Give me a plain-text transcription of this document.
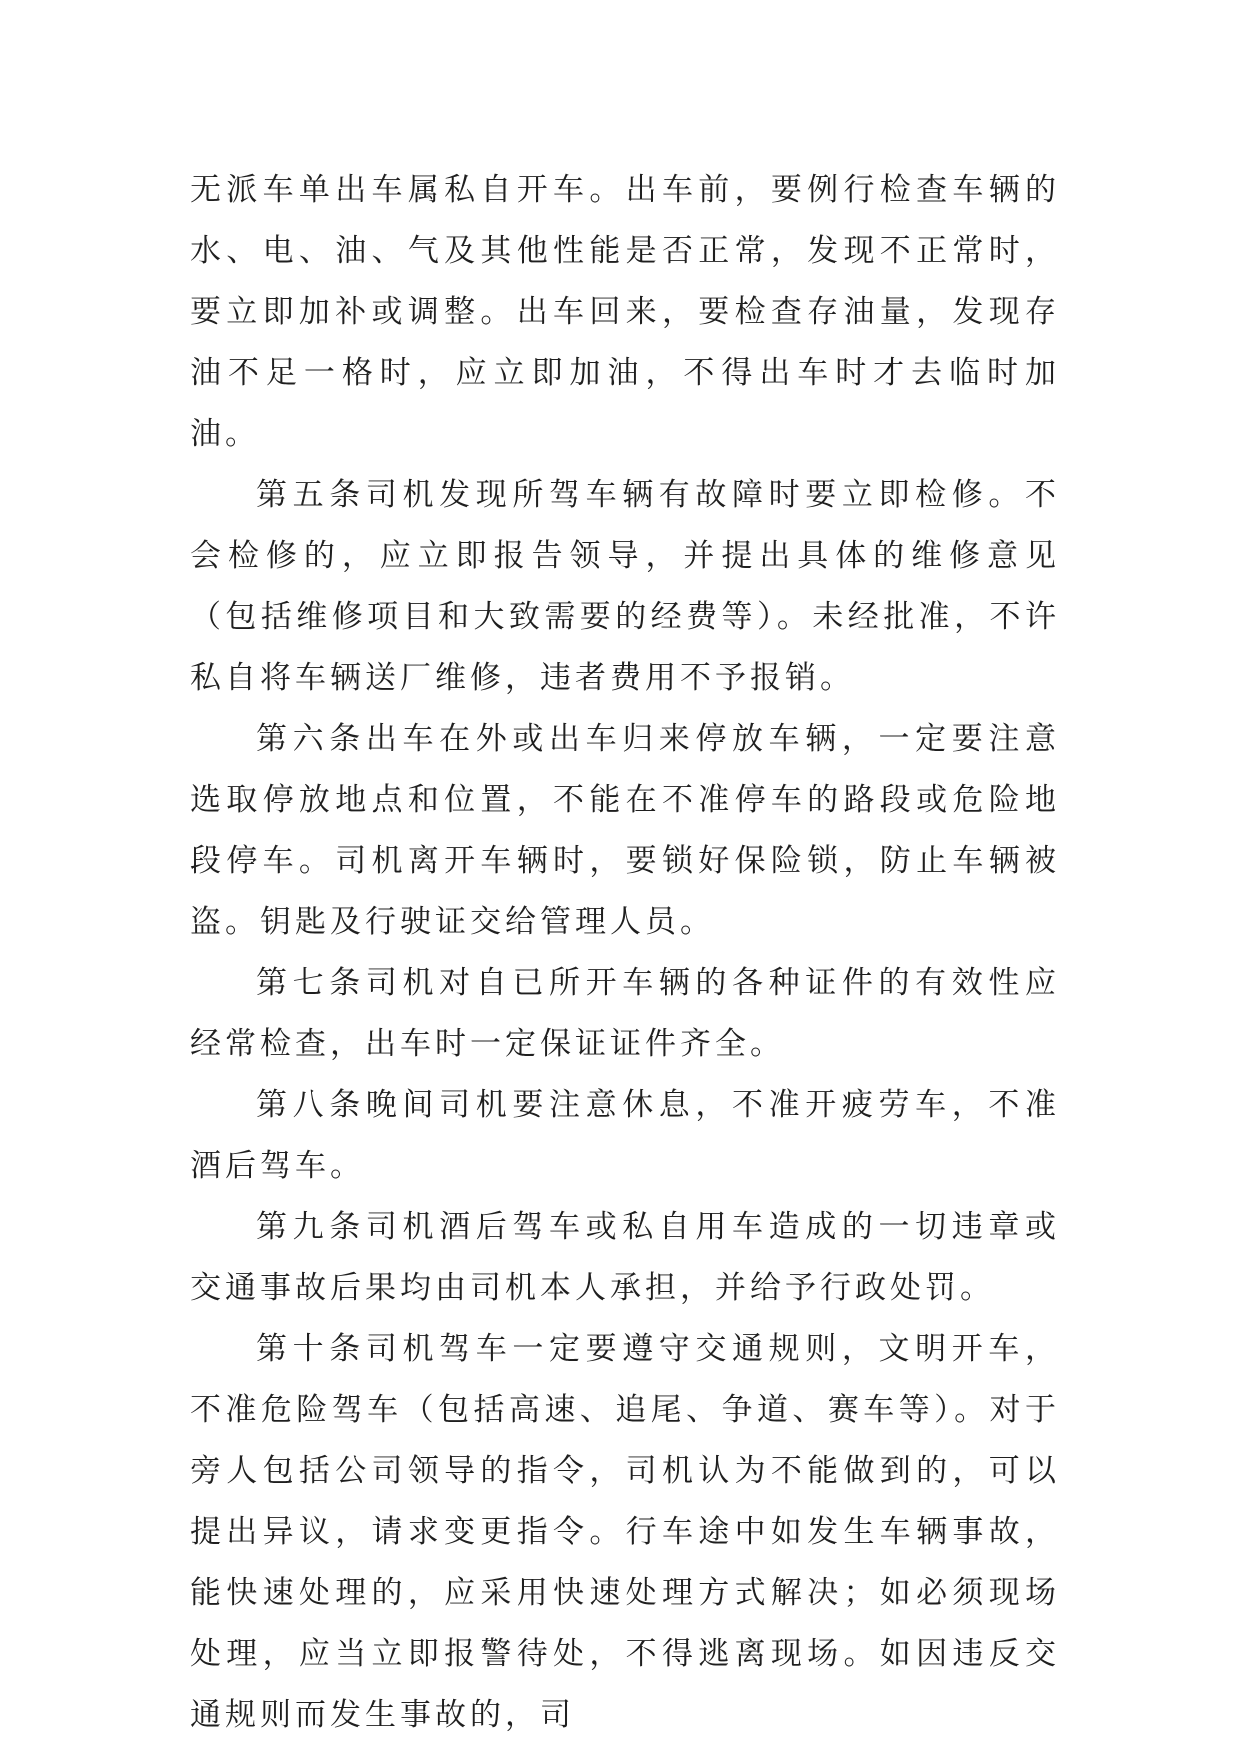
无派车单出车属私自开车。出车前，要例行检查车辆的水、电、油、气及其他性能是否正常，发现不正常时，要立即加补或调整。出车回来，要检查存油量，发现存油不足一格时，应立即加油，不得出车时才去临时加油。

第五条司机发现所驾车辆有故障时要立即检修。不会检修的，应立即报告领导，并提出具体的维修意见（包括维修项目和大致需要的经费等）。未经批准，不许私自将车辆送厂维修，违者费用不予报销。

第六条出车在外或出车归来停放车辆，一定要注意选取停放地点和位置，不能在不准停车的路段或危险地段停车。司机离开车辆时，要锁好保险锁，防止车辆被盗。钥匙及行驶证交给管理人员。

第七条司机对自已所开车辆的各种证件的有效性应经常检查，出车时一定保证证件齐全。

第八条晚间司机要注意休息，不准开疲劳车，不准酒后驾车。

第九条司机酒后驾车或私自用车造成的一切违章或交通事故后果均由司机本人承担，并给予行政处罚。

第十条司机驾车一定要遵守交通规则，文明开车，不准危险驾车（包括高速、追尾、争道、赛车等）。对于旁人包括公司领导的指令，司机认为不能做到的，可以提出异议，请求变更指令。行车途中如发生车辆事故，能快速处理的，应采用快速处理方式解决；如必须现场处理，应当立即报警待处，不得逃离现场。如因违反交通规则而发生事故的，司
